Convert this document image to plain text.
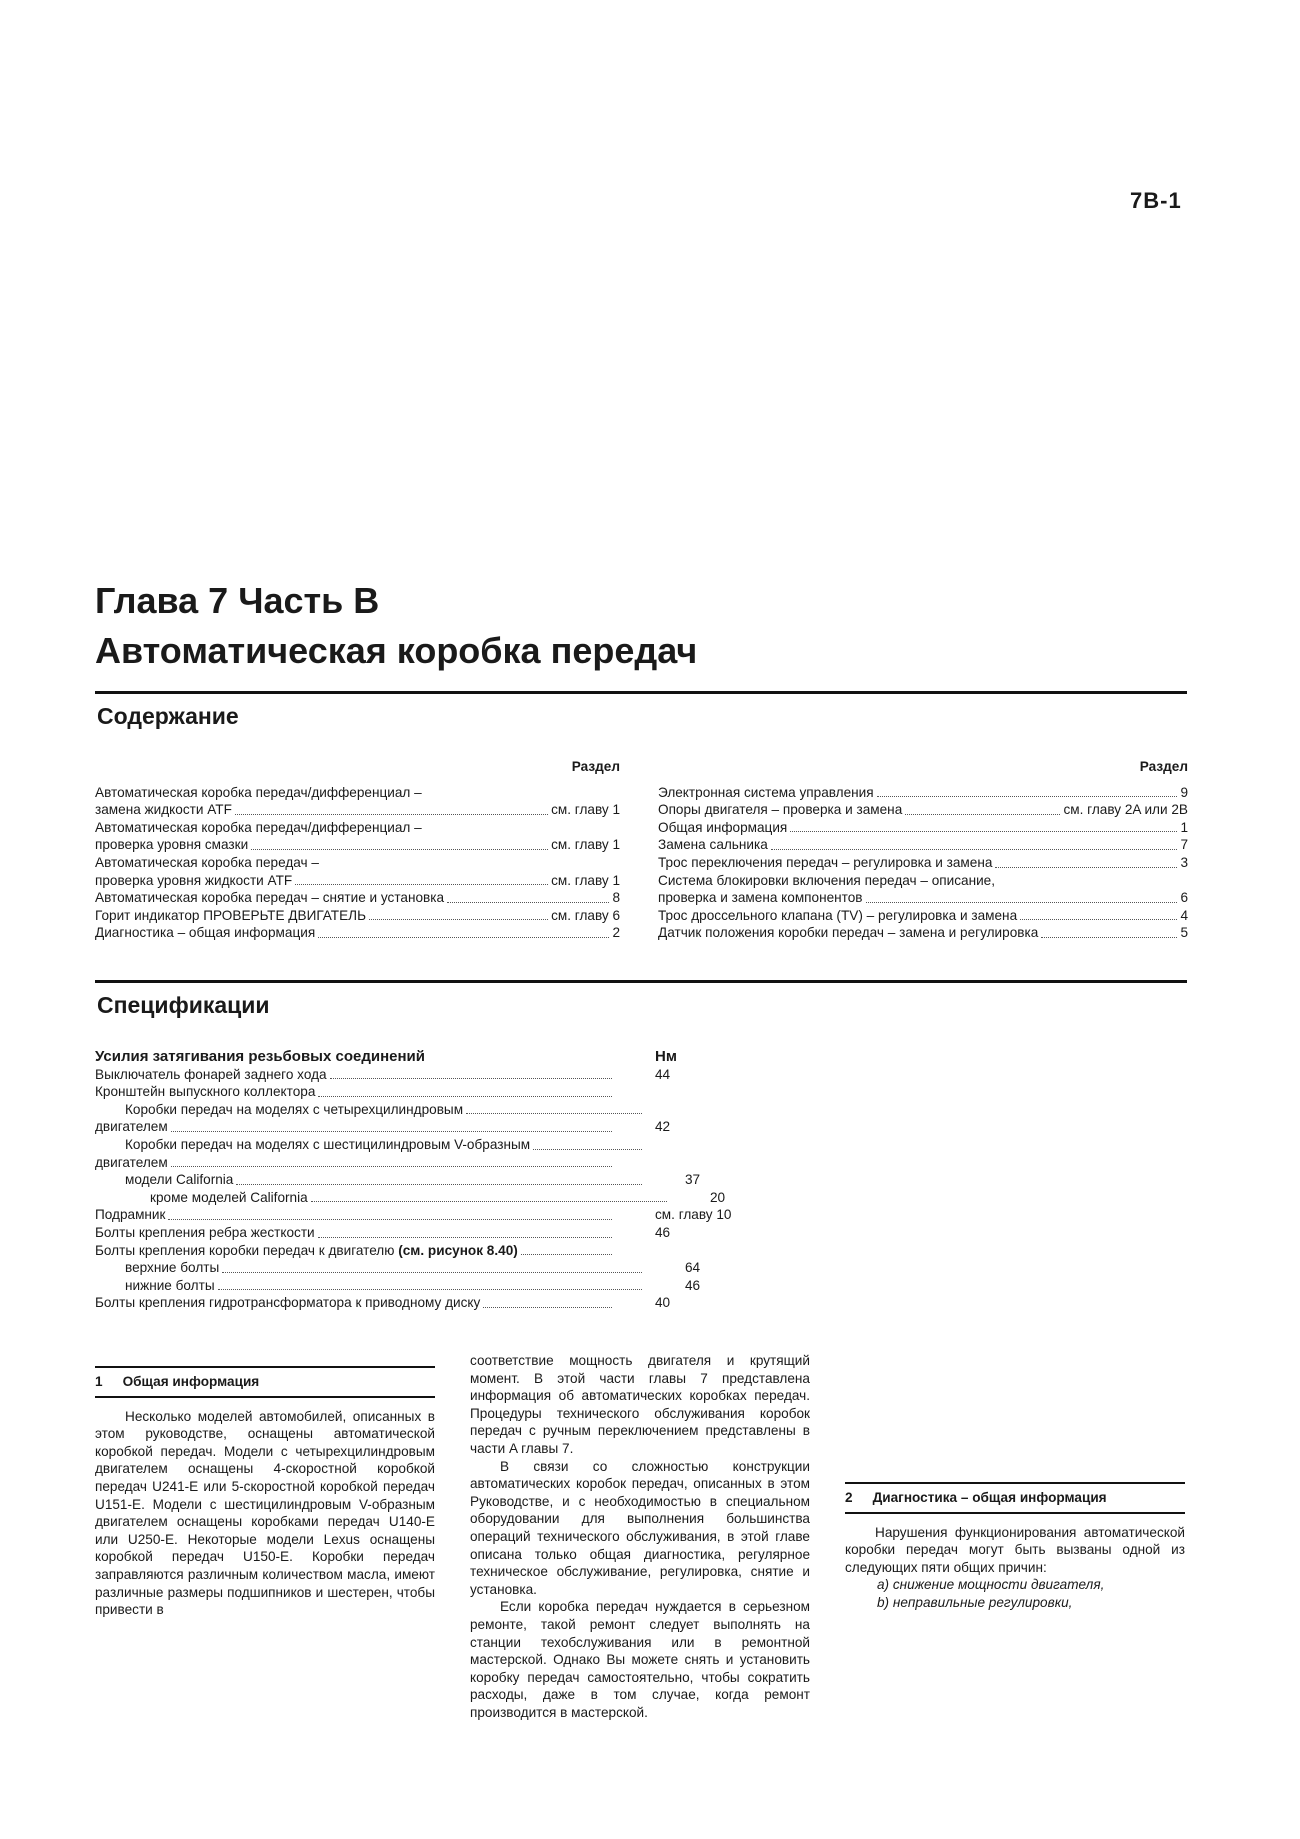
7B-1
Глава 7 Часть B
Автоматическая коробка передач
Содержание
Раздел
Автоматическая коробка передач/дифференциал –
замена жидкости ATF	см. главу 1
Автоматическая коробка передач/дифференциал –
проверка уровня смазки	см. главу 1
Автоматическая коробка передач –
проверка уровня жидкости ATF	см. главу 1
Автоматическая коробка передач – снятие и установка	8
Горит индикатор ПРОВЕРЬТЕ ДВИГАТЕЛЬ	см. главу 6
Диагностика – общая информация	2
Раздел
Электронная система управления	9
Опоры двигателя – проверка и замена	см. главу 2A или 2B
Общая информация	1
Замена сальника	7
Трос переключения передач – регулировка и замена	3
Система блокировки включения передач – описание,
проверка и замена компонентов	6
Трос дроссельного клапана (TV) – регулировка и замена	4
Датчик положения коробки передач – замена и регулировка	5
Спецификации
Усилия затягивания резьбовых соединений	Нм
Выключатель фонарей заднего хода	44
Кронштейн выпускного коллектора
Коробки передач на моделях с четырехцилиндровым
двигателем	42
Коробки передач на моделях с шестицилиндровым V-образным
двигателем
модели California	37
кроме моделей California	20
Подрамник	см. главу 10
Болты крепления ребра жесткости	46
Болты крепления коробки передач к двигателю (см. рисунок 8.40)
верхние болты	64
нижние болты	46
Болты крепления гидротрансформатора к приводному диску	40
1 Общая информация

Несколько моделей автомобилей, описанных в этом руководстве, оснащены автоматической коробкой передач. Модели с четырехцилиндровым двигателем оснащены 4-скоростной коробкой передач U241-E или 5-скоростной коробкой передач U151-E. Модели с шестицилиндровым V-образным двигателем оснащены коробками передач U140-E или U250-E. Некоторые модели Lexus оснащены коробкой передач U150-E. Коробки передач заправляются различным количеством масла, имеют различные размеры подшипников и шестерен, чтобы привести в

соответствие мощность двигателя и крутящий момент. В этой части главы 7 представлена информация об автоматических коробках передач. Процедуры технического обслуживания коробок передач с ручным переключением представлены в части A главы 7.

В связи со сложностью конструкции автоматических коробок передач, описанных в этом Руководстве, и с необходимостью в специальном оборудовании для выполнения большинства операций технического обслуживания, в этой главе описана только общая диагностика, регулярное техническое обслуживание, регулировка, снятие и установка.

Если коробка передач нуждается в серьезном ремонте, такой ремонт следует выполнять на станции техобслуживания или в ремонтной мастерской. Однако Вы можете снять и установить коробку передач самостоятельно, чтобы сократить расходы, даже в том случае, когда ремонт производится в мастерской.

2 Диагностика – общая информация

Нарушения функционирования автоматической коробки передач могут быть вызваны одной из следующих пяти общих причин:

a) снижение мощности двигателя,

b) неправильные регулировки,
